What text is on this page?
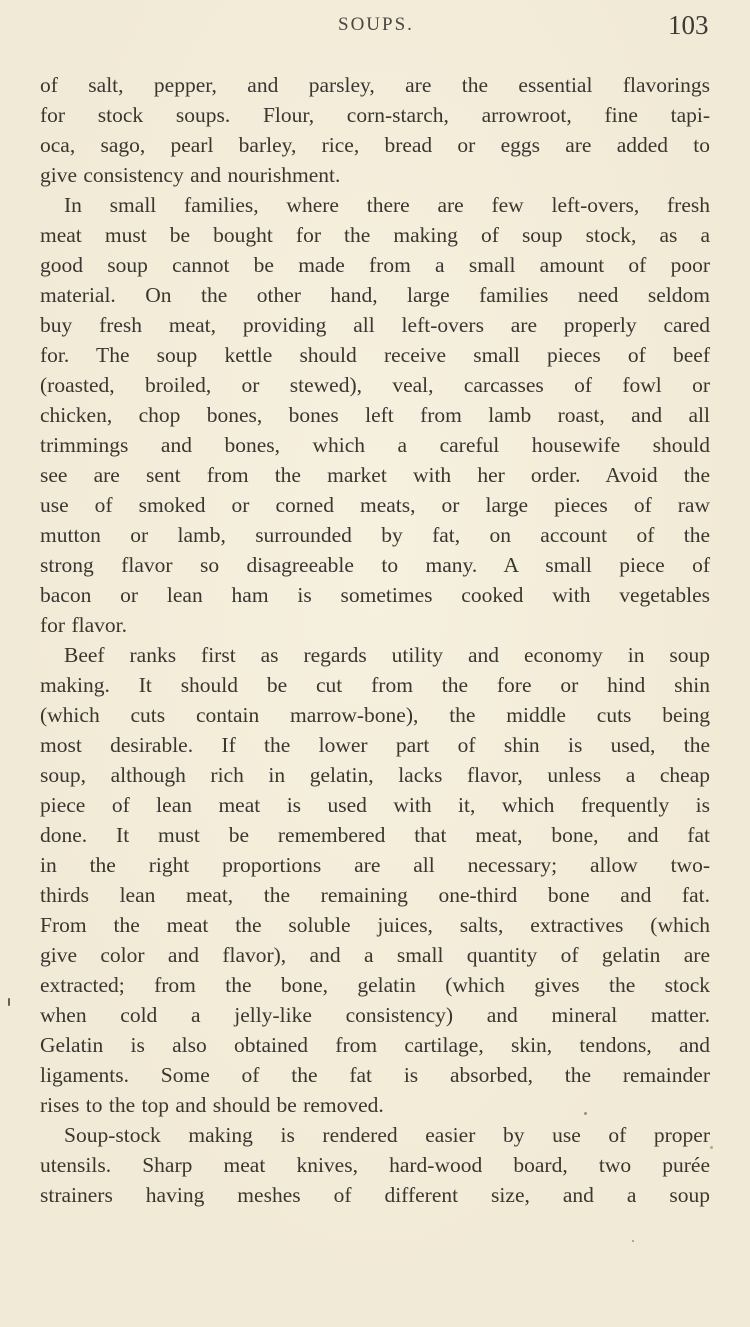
SOUPS.	103

of salt, pepper, and parsley, are the essential flavorings
for stock soups. Flour, corn-starch, arrowroot, fine tapi-
oca, sago, pearl barley, rice, bread or eggs are added to
give consistency and nourishment.

In small families, where there are few left-overs, fresh
meat must be bought for the making of soup stock, as a
good soup cannot be made from a small amount of poor
material. On the other hand, large families need seldom
buy fresh meat, providing all left-overs are properly cared
for. The soup kettle should receive small pieces of beef
(roasted, broiled, or stewed), veal, carcasses of fowl or
chicken, chop bones, bones left from lamb roast, and all
trimmings and bones, which a careful housewife should
see are sent from the market with her order. Avoid the
use of smoked or corned meats, or large pieces of raw
mutton or lamb, surrounded by fat, on account of the
strong flavor so disagreeable to many. A small piece of
bacon or lean ham is sometimes cooked with vegetables
for flavor.

Beef ranks first as regards utility and economy in soup
making. It should be cut from the fore or hind shin
(which cuts contain marrow-bone), the middle cuts being
most desirable. If the lower part of shin is used, the
soup, although rich in gelatin, lacks flavor, unless a cheap
piece of lean meat is used with it, which frequently is
done. It must be remembered that meat, bone, and fat
in the right proportions are all necessary; allow two-
thirds lean meat, the remaining one-third bone and fat.
From the meat the soluble juices, salts, extractives (which
give color and flavor), and a small quantity of gelatin are
extracted; from the bone, gelatin (which gives the stock
when cold a jelly-like consistency) and mineral matter.
Gelatin is also obtained from cartilage, skin, tendons, and
ligaments. Some of the fat is absorbed, the remainder
rises to the top and should be removed.

Soup-stock making is rendered easier by use of proper
utensils. Sharp meat knives, hard-wood board, two purée
strainers having meshes of different size, and a soup
